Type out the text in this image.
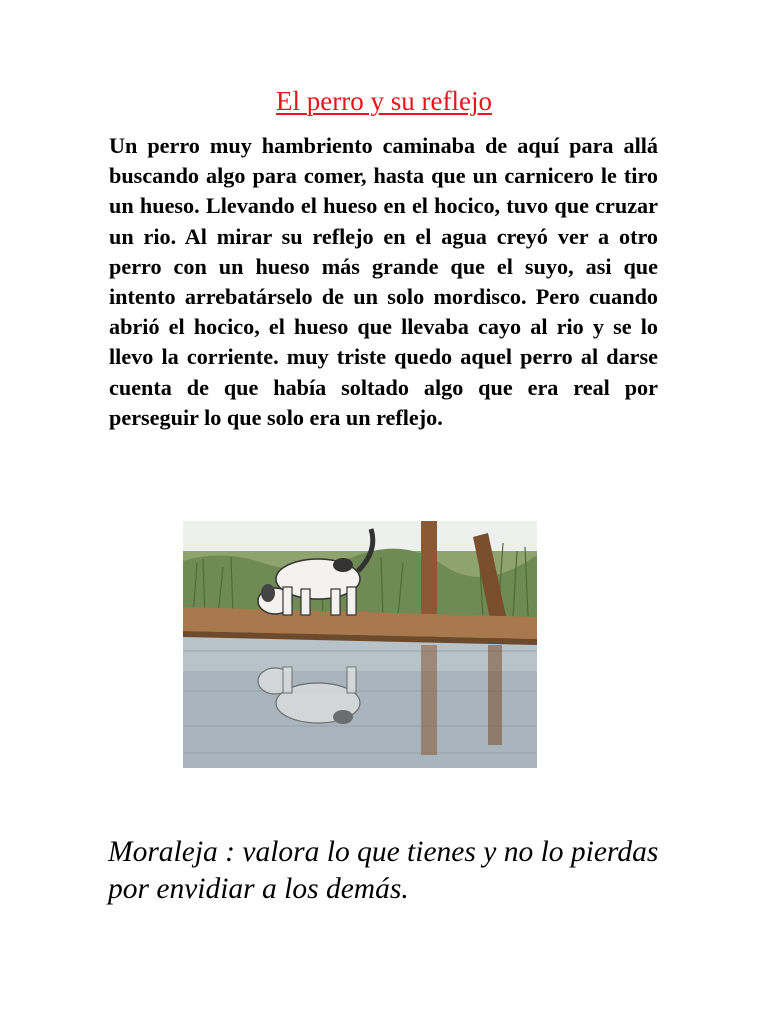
El perro y su reflejo

Un perro muy hambriento caminaba de aquí para allá buscando algo para comer, hasta que un carnicero le tiro un hueso. Llevando el hueso en el hocico, tuvo que cruzar un rio. Al mirar su reflejo en el agua creyó ver a otro perro con un hueso más grande que el suyo, asi que intento arrebatárselo de un solo mordisco. Pero cuando abrió el hocico, el hueso que llevaba cayo al rio y se lo llevo la corriente. muy triste quedo aquel perro al darse cuenta de que había soltado algo que era real por perseguir lo que solo era un reflejo.

Moraleja : valora lo que tienes y no lo pierdas por envidiar a los demás.
